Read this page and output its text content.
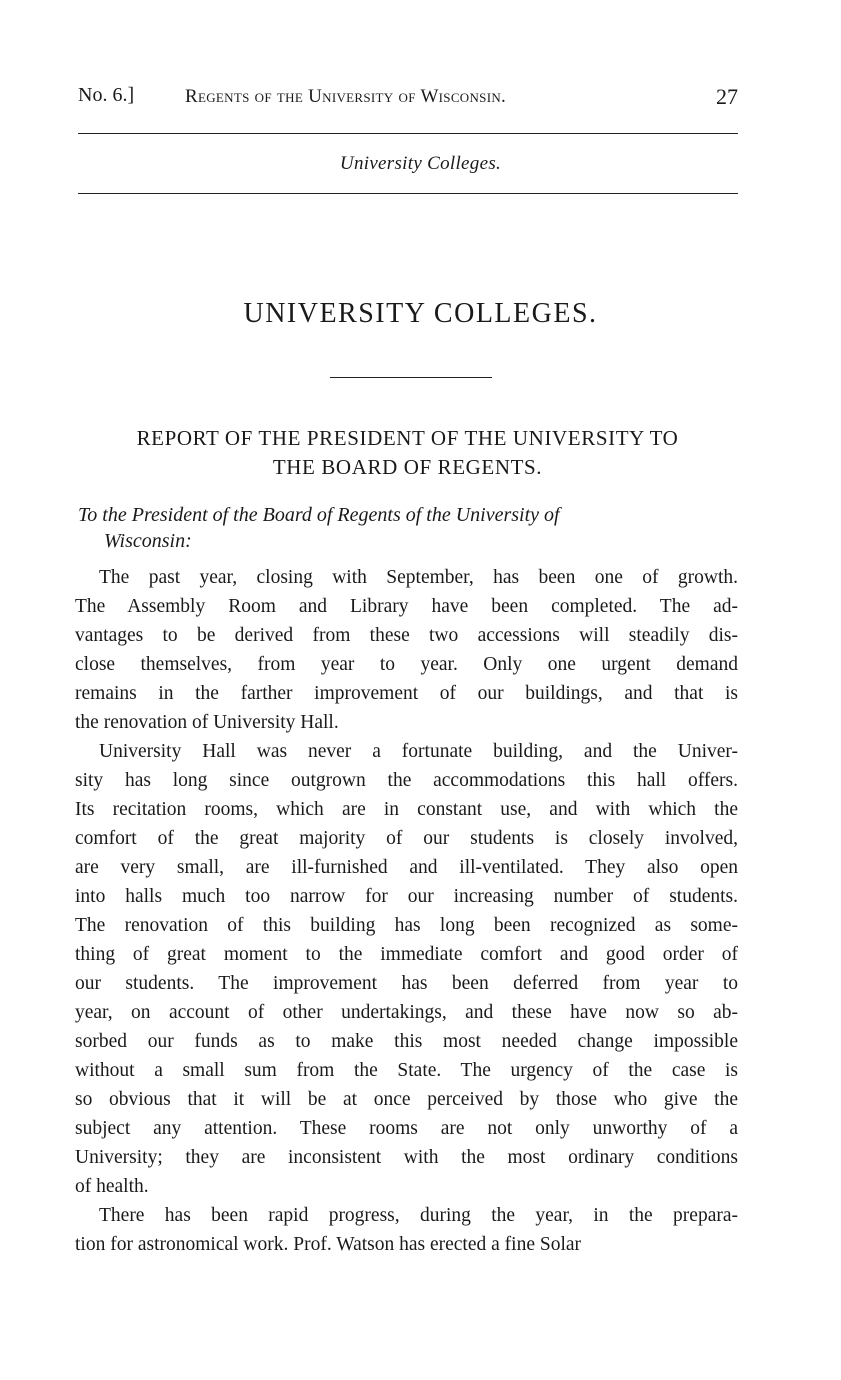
No. 6.]	Regents of the University of Wisconsin.	27
University Colleges.
UNIVERSITY COLLEGES.
REPORT OF THE PRESIDENT OF THE UNIVERSITY TO
THE BOARD OF REGENTS.
To the President of the Board of Regents of the University of
Wisconsin:

The past year, closing with September, has been one of growth.
The Assembly Room and Library have been completed. The ad-
vantages to be derived from these two accessions will steadily dis-
close themselves, from year to year. Only one urgent demand
remains in the farther improvement of our buildings, and that is
the renovation of University Hall.

University Hall was never a fortunate building, and the Univer-
sity has long since outgrown the accommodations this hall offers.
Its recitation rooms, which are in constant use, and with which the
comfort of the great majority of our students is closely involved,
are very small, are ill-furnished and ill-ventilated. They also open
into halls much too narrow for our increasing number of students.
The renovation of this building has long been recognized as some-
thing of great moment to the immediate comfort and good order of
our students. The improvement has been deferred from year to
year, on account of other undertakings, and these have now so ab-
sorbed our funds as to make this most needed change impossible
without a small sum from the State. The urgency of the case is
so obvious that it will be at once perceived by those who give the
subject any attention. These rooms are not only unworthy of a
University; they are inconsistent with the most ordinary conditions
of health.

There has been rapid progress, during the year, in the prepara-
tion for astronomical work. Prof. Watson has erected a fine Solar
